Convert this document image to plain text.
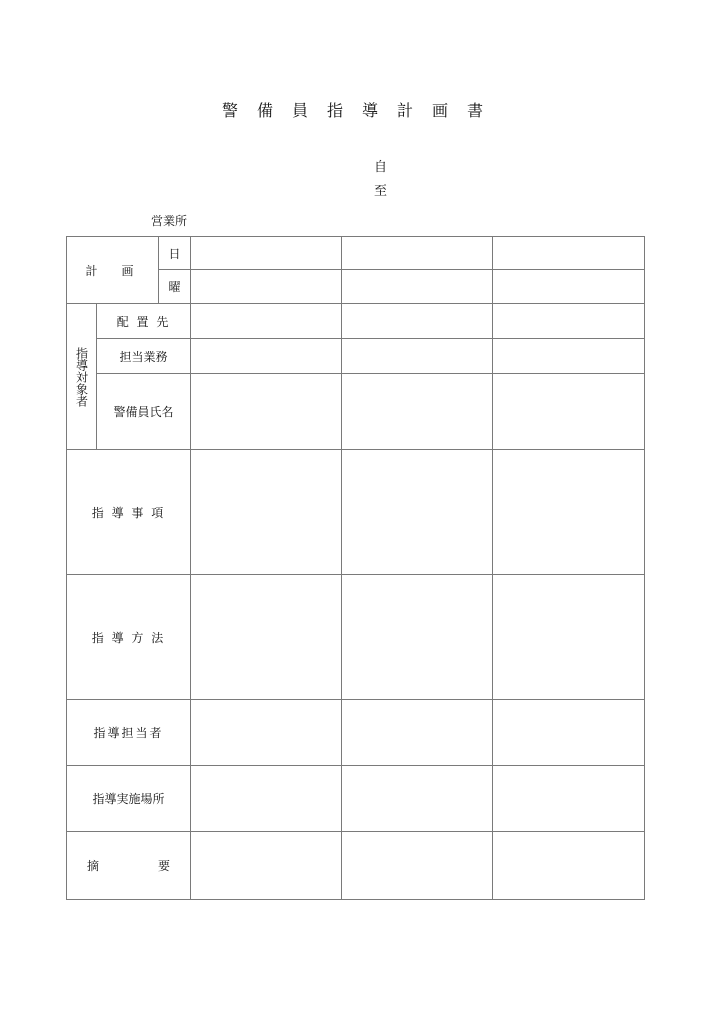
警備員指導計画書
自
至
営業所
計　画		日			
		曜			

指導対象者	配 置 先				
	担当業務				
	警備員氏名				
指 導 事 項					
指 導 方 法					
指導担当者					
指導実施場所					

摘 要					
